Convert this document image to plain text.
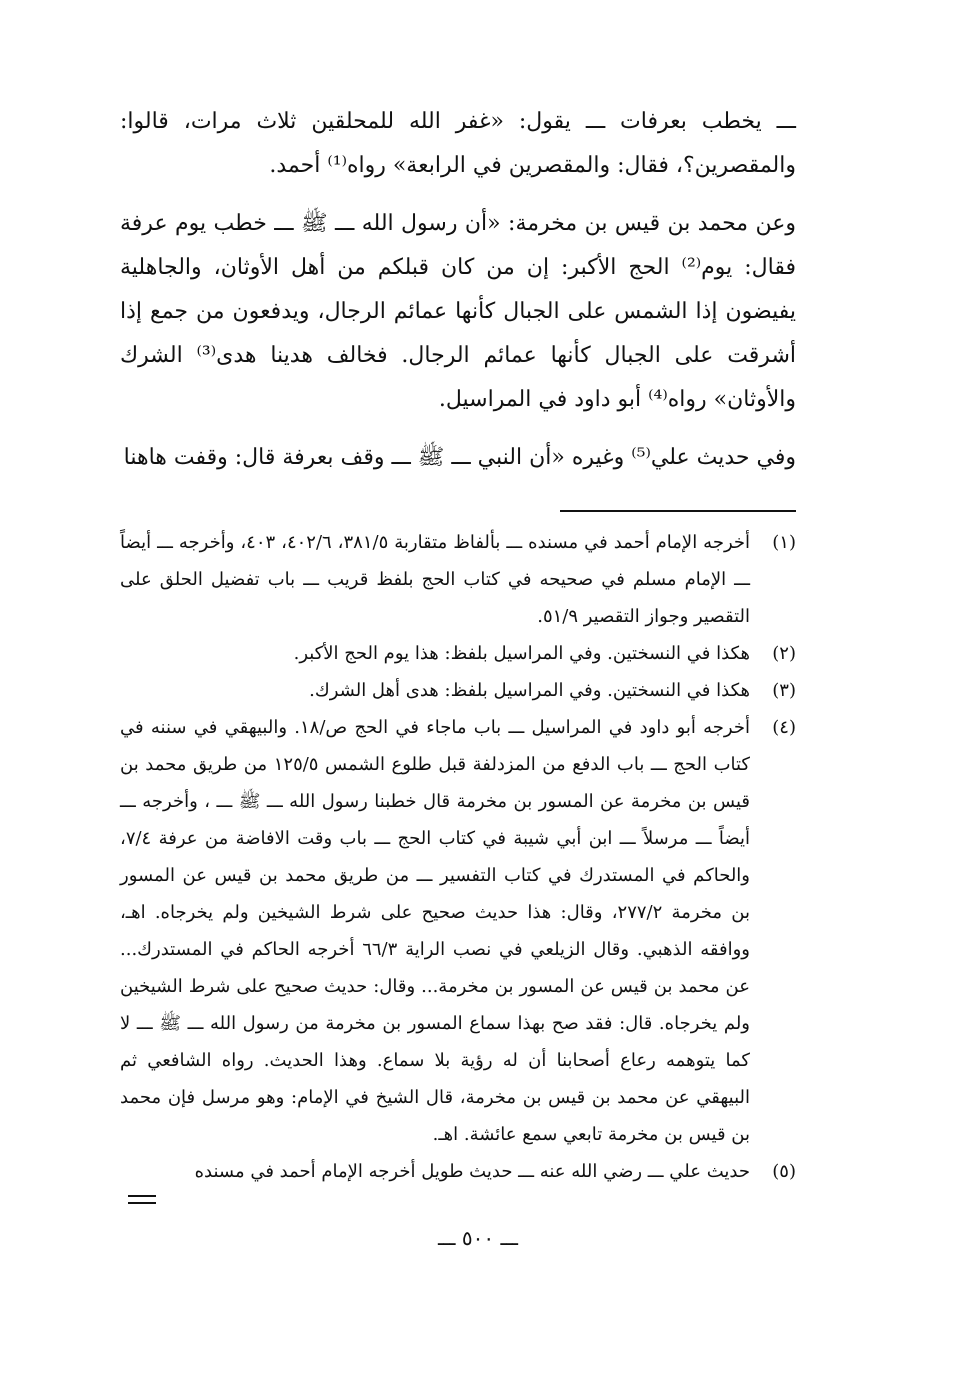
ـــ يخطب بعرفات ـــ يقول: «غفر الله للمحلقين ثلاث مرات، قالوا: والمقصرين؟، فقال: والمقصرين في الرابعة» رواه⁽¹⁾ أحمد.

وعن محمد بن قيس بن مخرمة: «أن رسول الله ـــ ﷺ ـــ خطب يوم عرفة فقال: يوم⁽²⁾ الحج الأكبر: إن من كان قبلكم من أهل الأوثان، والجاهلية يفيضون إذا الشمس على الجبال كأنها عمائم الرجال، ويدفعون من جمع إذا أشرقت على الجبال كأنها عمائم الرجال. فخالف هدينا هدى⁽³⁾ الشرك والأوثان» رواه⁽⁴⁾ أبو داود في المراسيل.

وفي حديث علي⁽⁵⁾ وغيره «أن النبي ـــ ﷺ ـــ وقف بعرفة قال: وقفت هاهنا

(١)
أخرجه الإمام أحمد في مسنده ـــ بألفاظ متقاربة ٣٨١/٥، ٤٠٢/٦، ٤٠٣، وأخرجه ـــ أيضاً ـــ الإمام مسلم في صحيحه في كتاب الحج بلفظ قريب ـــ باب تفضيل الحلق على التقصير وجواز التقصير ٥١/٩.
(٢)
هكذا في النسختين. وفي المراسيل بلفظ: هذا يوم الحج الأكبر.
(٣)
هكذا في النسختين. وفي المراسيل بلفظ: هدى أهل الشرك.
(٤)
أخرجه أبو داود في المراسيل ـــ باب ماجاء في الحج ص/١٨. والبيهقي في سننه في كتاب الحج ـــ باب الدفع من المزدلفة قبل طلوع الشمس ١٢٥/٥ من طريق محمد بن قيس بن مخرمة عن المسور بن مخرمة قال خطبنا رسول الله ـــ ﷺ ـــ ، وأخرجه ـــ أيضاً ـــ مرسلاً ـــ ابن أبي شيبة في كتاب الحج ـــ باب وقت الافاضة من عرفة ٧/٤، والحاكم في المستدرك في كتاب التفسير ـــ من طريق محمد بن قيس عن المسور بن مخرمة ٢٧٧/٢، وقال: هذا حديث صحيح على شرط الشيخين ولم يخرجاه. اهـ، ووافقه الذهبي. وقال الزيلعي في نصب الراية ٦٦/٣ أخرجه الحاكم في المستدرك... عن محمد بن قيس عن المسور بن مخرمة... وقال: حديث صحيح على شرط الشيخين ولم يخرجاه. قال: فقد صح بهذا سماع المسور بن مخرمة من رسول الله ـــ ﷺ ـــ لا كما يتوهمه رعاع أصحابنا أن له رؤية بلا سماع. وهذا الحديث. رواه الشافعي ثم البيهقي عن محمد بن قيس بن مخرمة، قال الشيخ في الإمام: وهو مرسل فإن محمد بن قيس بن مخرمة تابعي سمع عائشة. اهـ.
(٥)
حديث علي ـــ رضي الله عنه ـــ حديث طويل أخرجه الإمام أحمد في مسنده
ـــ ٥٠٠ ـــ
